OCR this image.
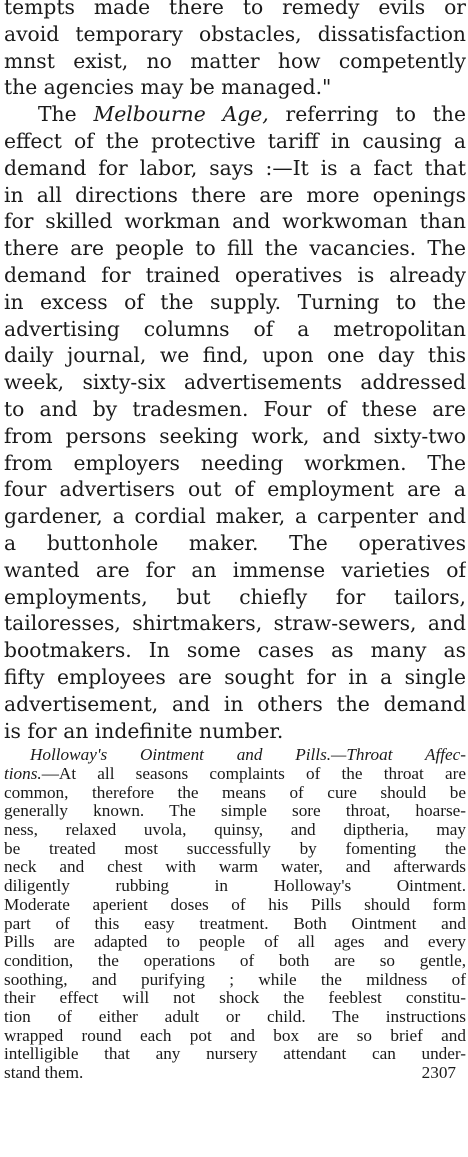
tempts made there to remedy evils or
avoid temporary obstacles, dissatisfaction
mnst exist, no matter how competently
the agencies may be managed."
The Melbourne Age, referring to the
effect of the protective tariff in causing a
demand for labor, says :—It is a fact that
in all directions there are more openings
for skilled workman and workwoman than
there are people to fill the vacancies. The
demand for trained operatives is already
in excess of the supply. Turning to the
advertising columns of a metropolitan
daily journal, we find, upon one day this
week, sixty-six advertisements addressed
to and by tradesmen. Four of these are
from persons seeking work, and sixty-two
from employers needing workmen. The
four advertisers out of employment are a
gardener, a cordial maker, a carpenter and
a buttonhole maker. The operatives
wanted are for an immense varieties of
employments, but chiefly for tailors,
tailoresses, shirtmakers, straw-sewers, and
bootmakers. In some cases as many as
fifty employees are sought for in a single
advertisement, and in others the demand
is for an indefinite number.
Holloway's Ointment and Pills.—Throat Affec-
tions.—At all seasons complaints of the throat are
common, therefore the means of cure should be
generally known. The simple sore throat, hoarse-
ness, relaxed uvola, quinsy, and diptheria, may
be treated most successfully by fomenting the
neck and chest with warm water, and afterwards
diligently rubbing in Holloway's Ointment.
Moderate aperient doses of his Pills should form
part of this easy treatment. Both Ointment and
Pills are adapted to people of all ages and every
condition, the operations of both are so gentle,
soothing, and purifying ; while the mildness of
their effect will not shock the feeblest constitu-
tion of either adult or child. The instructions
wrapped round each pot and box are so brief and
intelligible that any nursery attendant can under-
stand them.	2307
